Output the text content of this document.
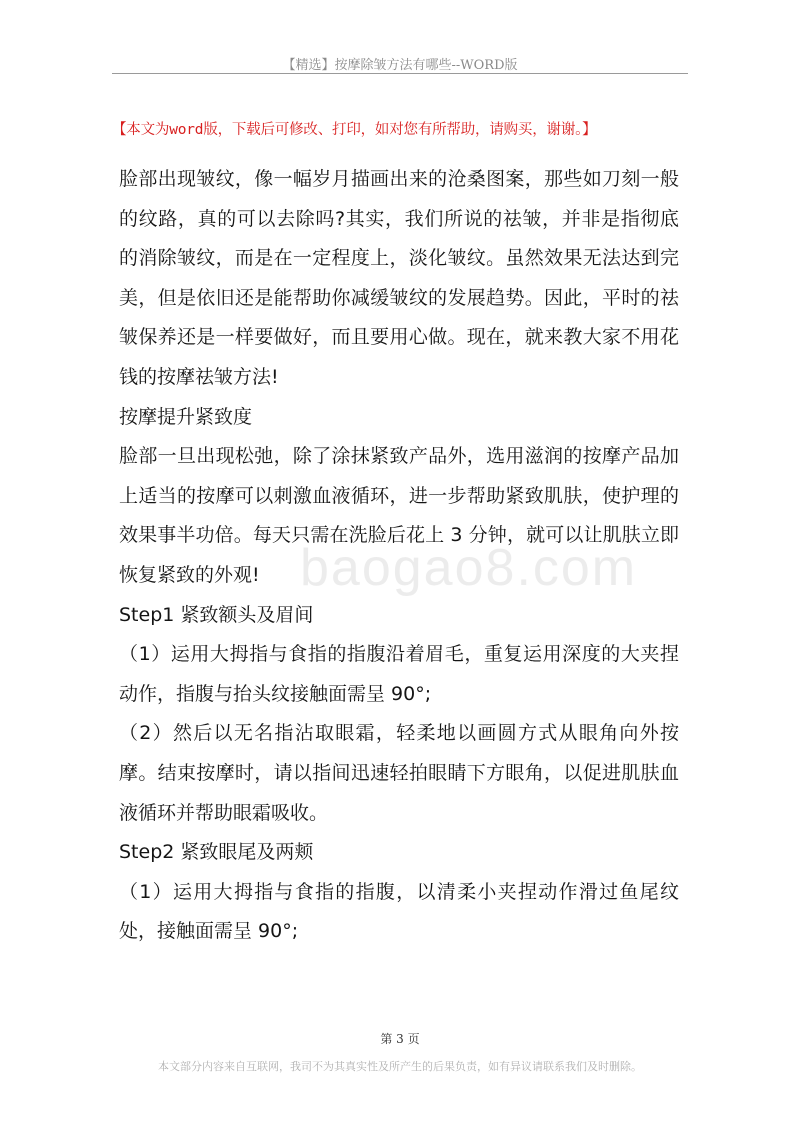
【精选】按摩除皱方法有哪些--WORD版
【本文为word版，下载后可修改、打印，如对您有所帮助，请购买，谢谢。】

脸部出现皱纹，像一幅岁月描画出来的沧桑图案，那些如刀刻一般的纹路，真的可以去除吗?其实，我们所说的祛皱，并非是指彻底的消除皱纹，而是在一定程度上，淡化皱纹。虽然效果无法达到完美，但是依旧还是能帮助你减缓皱纹的发展趋势。因此，平时的祛皱保养还是一样要做好，而且要用心做。现在，就来教大家不用花钱的按摩祛皱方法!

按摩提升紧致度

脸部一旦出现松弛，除了涂抹紧致产品外，选用滋润的按摩产品加上适当的按摩可以刺激血液循环，进一步帮助紧致肌肤，使护理的效果事半功倍。每天只需在洗脸后花上 3 分钟，就可以让肌肤立即恢复紧致的外观!

Step1 紧致额头及眉间

（1）运用大拇指与食指的指腹沿着眉毛，重复运用深度的大夹捏动作，指腹与抬头纹接触面需呈 90°;

（2）然后以无名指沾取眼霜，轻柔地以画圆方式从眼角向外按摩。结束按摩时，请以指间迅速轻拍眼睛下方眼角，以促进肌肤血液循环并帮助眼霜吸收。

Step2 紧致眼尾及两颊

（1）运用大拇指与食指的指腹，以清柔小夹捏动作滑过鱼尾纹处，接触面需呈 90°;

baogao8.com
第 3 页
本文部分内容来自互联网，我司不为其真实性及所产生的后果负责，如有异议请联系我们及时删除。
